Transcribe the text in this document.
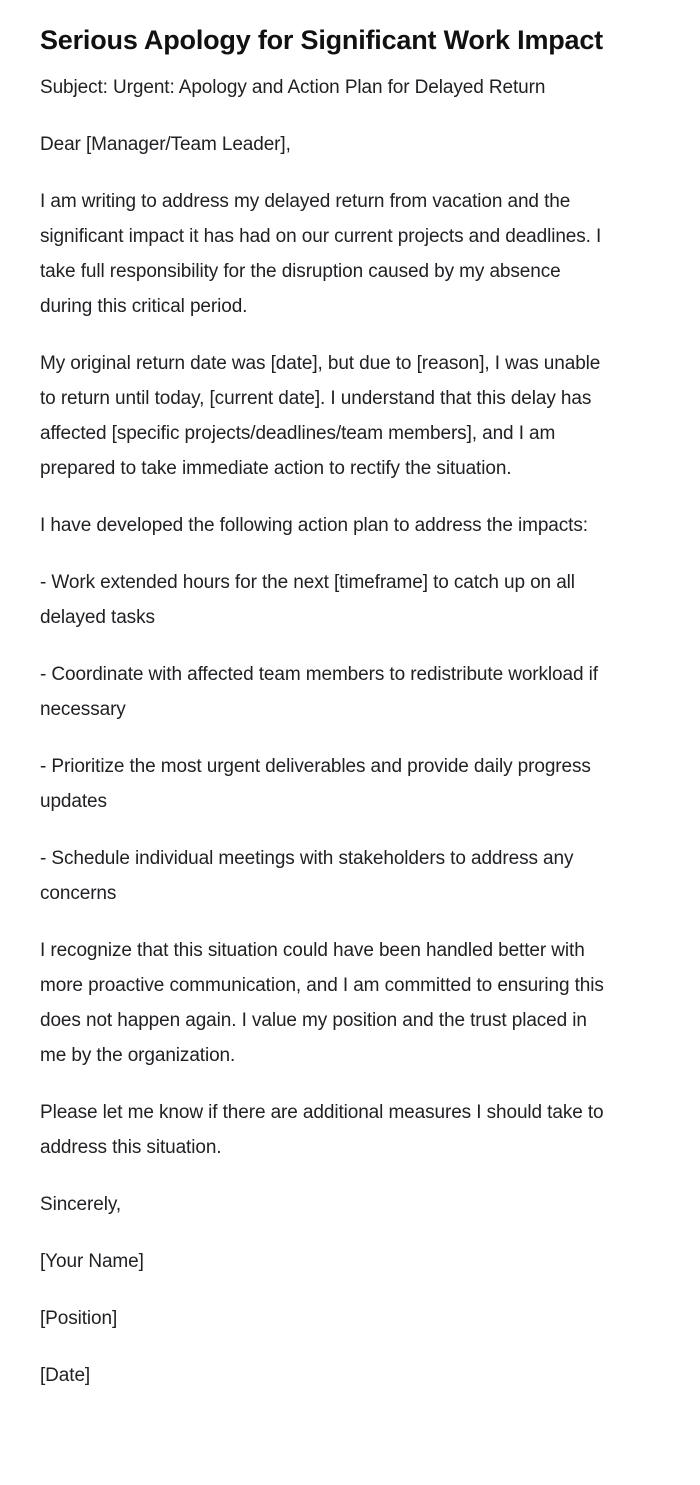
Serious Apology for Significant Work Impact

Subject: Urgent: Apology and Action Plan for Delayed Return

Dear [Manager/Team Leader],

I am writing to address my delayed return from vacation and the significant impact it has had on our current projects and deadlines. I take full responsibility for the disruption caused by my absence during this critical period.

My original return date was [date], but due to [reason], I was unable to return until today, [current date]. I understand that this delay has affected [specific projects/deadlines/team members], and I am prepared to take immediate action to rectify the situation.

I have developed the following action plan to address the impacts:

- Work extended hours for the next [timeframe] to catch up on all delayed tasks

- Coordinate with affected team members to redistribute workload if necessary

- Prioritize the most urgent deliverables and provide daily progress updates

- Schedule individual meetings with stakeholders to address any concerns

I recognize that this situation could have been handled better with more proactive communication, and I am committed to ensuring this does not happen again. I value my position and the trust placed in me by the organization.

Please let me know if there are additional measures I should take to address this situation.

Sincerely,

[Your Name]

[Position]

[Date]
